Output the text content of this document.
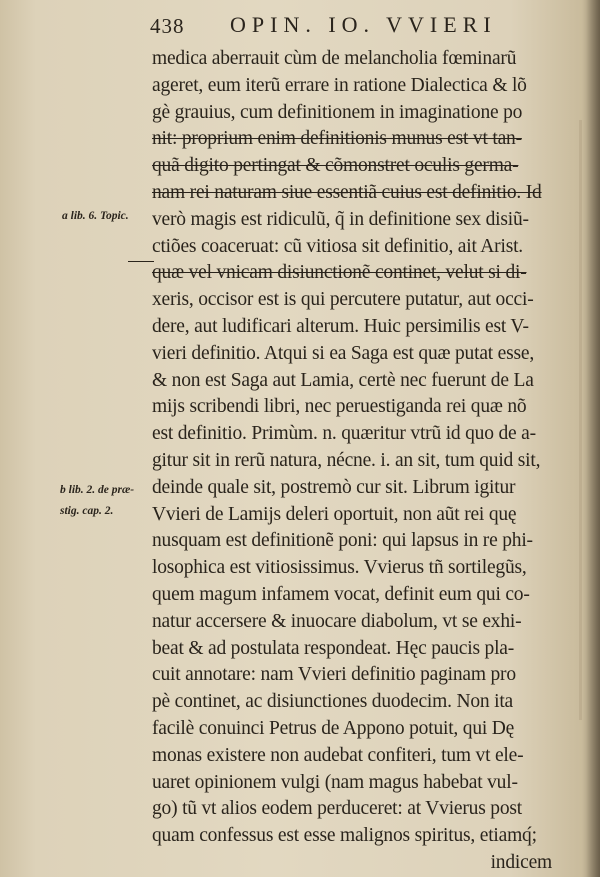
438 OPIN. IO. VVIERI
a lib. 6. Topic.
b lib. 2. de præ-
stig. cap. 2.
medica aberrauit cùm de melancholia fœminarũ
ageret, eum iterũ errare in ratione Dialectica & lõ
gè grauius, cum definitionem in imaginatione po
nit: proprium enim definitionis munus est vt tan-
quã digito pertingat & cõmonstret oculis germa-
nam rei naturam siue essentiã cuius est definitio. Id
verò magis est ridiculũ, q̃ in definitione sex disiũ-
ctiões coaceruat: cũ vitiosa sit definitio, ait Arist.
quæ vel vnicam disiunctionẽ continet, velut si di-
xeris, occisor est is qui percutere putatur, aut occi-
dere, aut ludificari alterum. Huic persimilis est V-
vieri definitio. Atqui si ea Saga est quæ putat esse,
& non est Saga aut Lamia, certè nec fuerunt de La
mijs scribendi libri, nec peruestiganda rei quæ nõ
est definitio. Primùm. n. quæritur vtrũ id quo de a-
gitur sit in rerũ natura, nécne. i. an sit, tum quid sit,
deinde quale sit, postremò cur sit. Librum igitur
Vvieri de Lamijs deleri oportuit, non aũt rei quę
nusquam est definitionẽ poni: qui lapsus in re phi-
losophica est vitiosissimus. Vvierus tñ sortilegũs,
quem magum infamem vocat, definit eum qui co-
natur accersere & inuocare diabolum, vt se exhi-
beat & ad postulata respondeat. Hęc paucis pla-
cuit annotare: nam Vvieri definitio paginam pro
pè continet, ac disiunctiones duodecim. Non ita
facilè conuinci Petrus de Appono potuit, qui Dę
monas existere non audebat confiteri, tum vt ele-
uaret opinionem vulgi (nam magus habebat vul-
go) tũ vt alios eodem perduceret: at Vvierus post
quam confessus est esse malignos spiritus, etiamq́;
indicem
